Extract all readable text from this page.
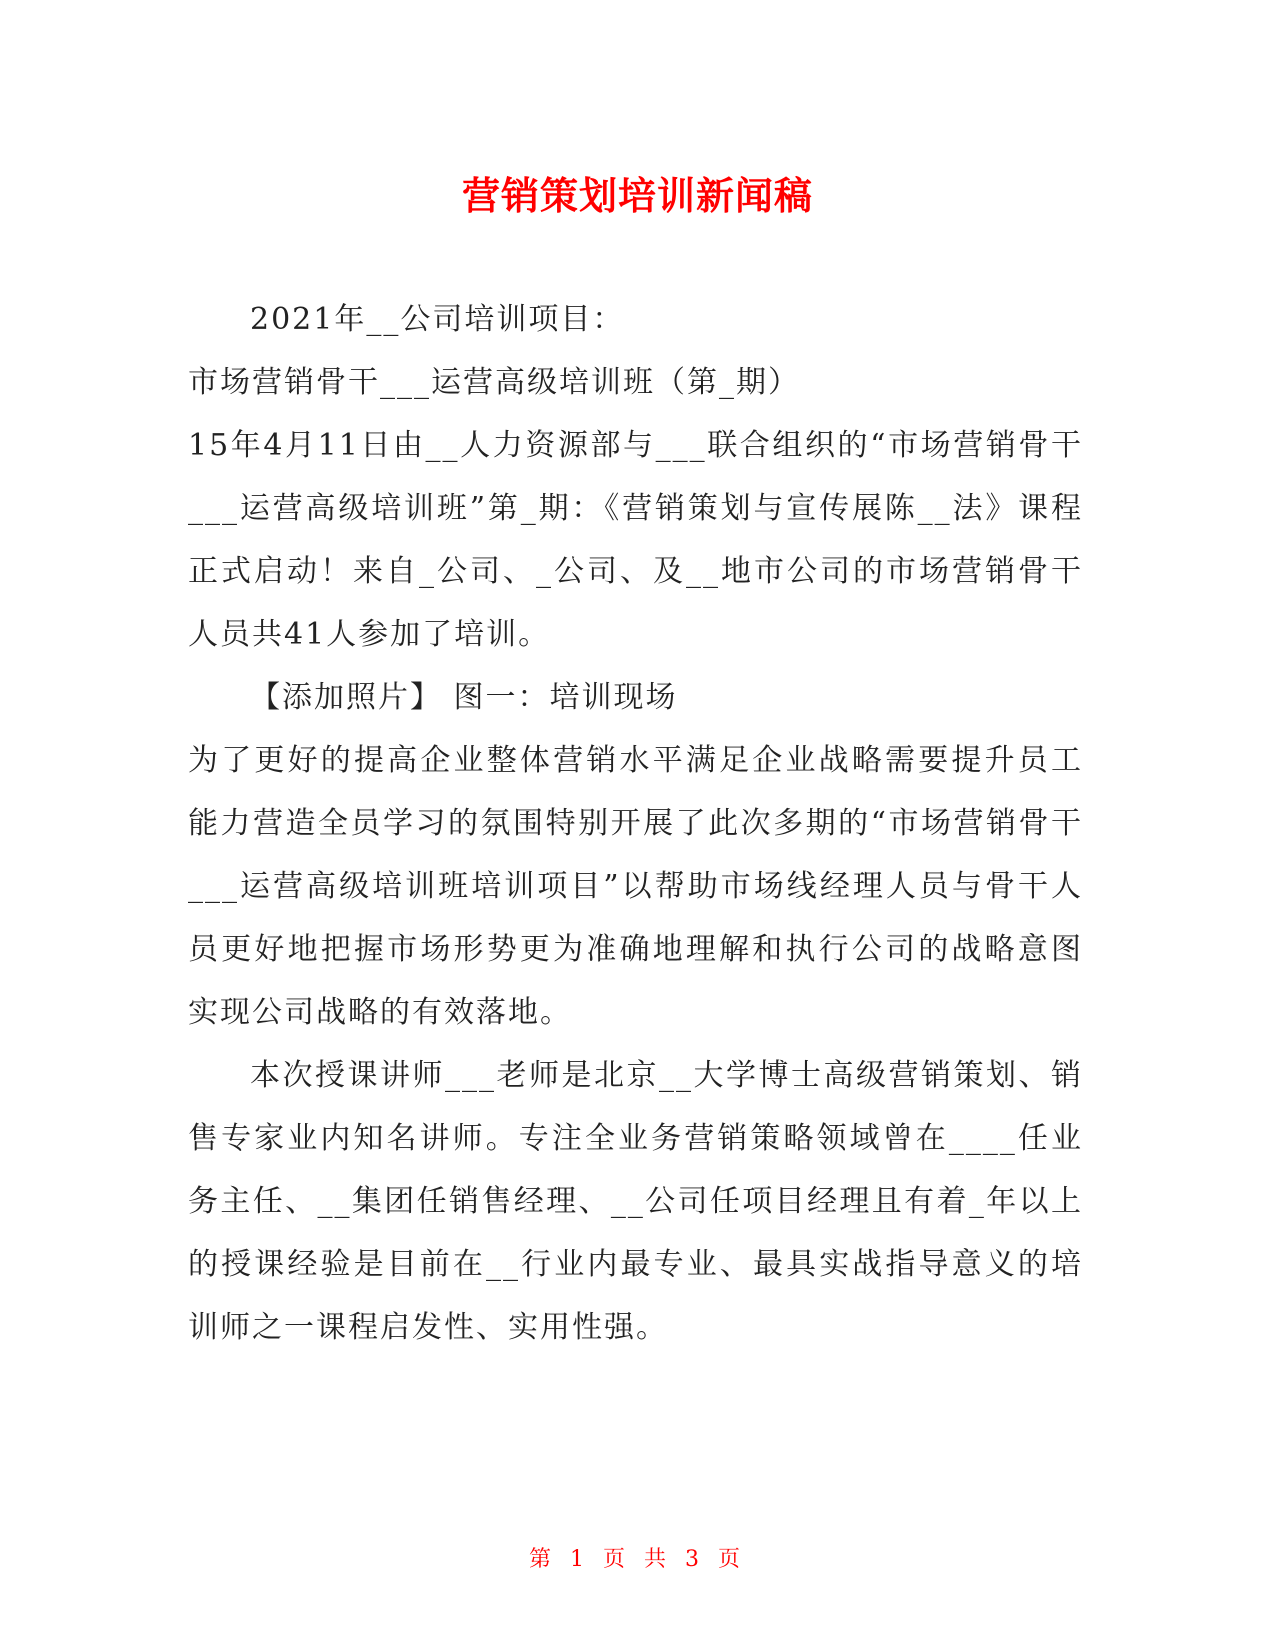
营销策划培训新闻稿

2021年__公司培训项目：

市场营销骨干___运营高级培训班（第_期）

15年4月11日由__人力资源部与___联合组织的“市场营销骨干___运营高级培训班”第_期：《营销策划与宣传展陈__法》课程正式启动！来自_公司、_公司、及__地市公司的市场营销骨干人员共41人参加了培训。

【添加照片】 图一：培训现场

为了更好的提高企业整体营销水平满足企业战略需要提升员工能力营造全员学习的氛围特别开展了此次多期的“市场营销骨干___运营高级培训班培训项目”以帮助市场线经理人员与骨干人员更好地把握市场形势更为准确地理解和执行公司的战略意图实现公司战略的有效落地。

本次授课讲师___老师是北京__大学博士高级营销策划、销售专家业内知名讲师。专注全业务营销策略领域曾在____任业务主任、__集团任销售经理、__公司任项目经理且有着_年以上的授课经验是目前在__行业内最专业、最具实战指导意义的培训师之一课程启发性、实用性强。

第 1 页 共 3 页
